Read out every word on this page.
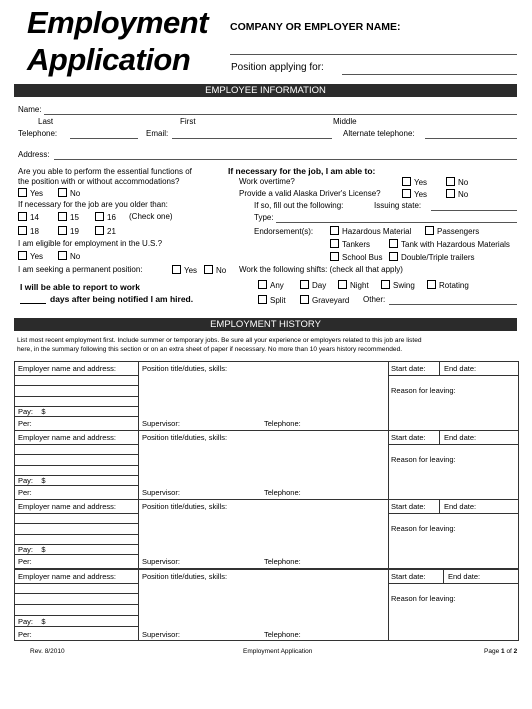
Employment
Application
COMPANY OR EMPLOYER NAME:
Position applying for:
EMPLOYEE INFORMATION
Name:
Last	First	Middle
Telephone:	Email:	Alternate telephone:
Address:
Are you able to perform the essential functions of
the position with or without accommodations?
Yes	No
If necessary for the job are you older than:
14	15	16 (Check one)
18	19	21
I am eligible for employment in the U.S.?
Yes	No
I am seeking a permanent position:	Yes	No
I will be able to report to work
days after being notified I am hired.
If necessary for the job, I am able to:
Work overtime?	Yes	No
Provide a valid Alaska Driver's License?	Yes	No
If so, fill out the following:	Issuing state:
Type:
Endorsement(s):	Hazardous Material	Passengers
Tankers	Tank with Hazardous Materials
School Bus	Double/Triple trailers
Work the following shifts: (check all that apply)
Any	Day	Night	Swing	Rotating
Split	Graveyard Other:
EMPLOYMENT HISTORY
List most recent employment first. Include summer or temporary jobs. Be sure all your experience or employers related to this job are listed
here, in the summary following this section or on an extra sheet of paper if necessary. No more than 10 years history recommended.
Employer name and address:	Position title/duties, skills:	Start date: End date:
Reason for leaving:
Pay: $
Per:	Supervisor:	Telephone:
Employer name and address:	Position title/duties, skills:	Start date: End date:
Reason for leaving:
Pay: $
Per:	Supervisor:	Telephone:
Employer name and address:	Position title/duties, skills:	Start date: End date:
Reason for leaving:
Pay: $
Per:	Supervisor:	Telephone:
Employer name and address:	Position title/duties, skills:	Start date:	End date:
Reason for leaving:
Pay: $
Per:	Supervisor:	Telephone:
Rev. 8/2010	Employment Application	Page 1 of 2
